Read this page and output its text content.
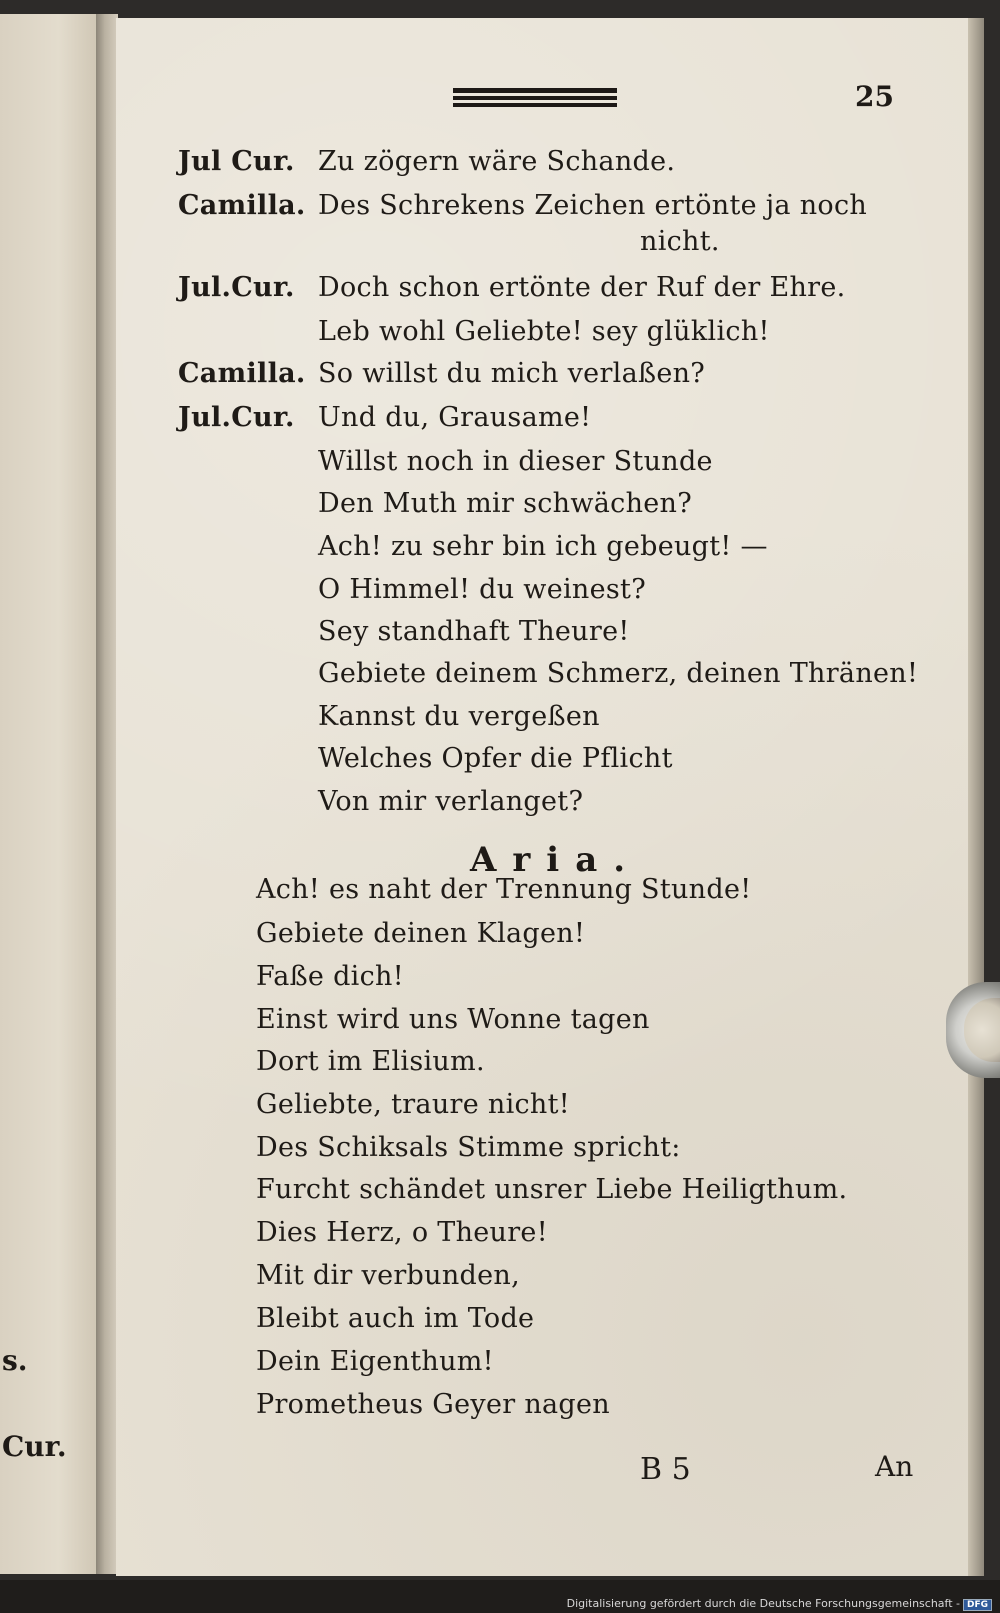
s.
Cur.
25
Jul Cur. Zu zögern wäre Schande.
Camilla. Des Schrekens Zeichen ertönte ja noch
nicht.
Jul.Cur. Doch schon ertönte der Ruf der Ehre.
Leb wohl Geliebte! sey glüklich!
Camilla. So willst du mich verlaßen?
Jul.Cur. Und du, Grausame!
Willst noch in dieser Stunde
Den Muth mir schwächen?
Ach! zu sehr bin ich gebeugt! —
O Himmel! du weinest?
Sey standhaft Theure!
Gebiete deinem Schmerz, deinen Thränen!
Kannst du vergeßen
Welches Opfer die Pflicht
Von mir verlanget?
Aria.
Ach! es naht der Trennung Stunde!
Gebiete deinen Klagen!
Faße dich!
Einst wird uns Wonne tagen
Dort im Elisium.
Geliebte, traure nicht!
Des Schiksals Stimme spricht:
Furcht schändet unsrer Liebe Heiligthum.
Dies Herz, o Theure!
Mit dir verbunden,
Bleibt auch im Tode
Dein Eigenthum!
Prometheus Geyer nagen
B 5	An
Digitalisierung gefördert durch die Deutsche Forschungsgemeinschaft - DFG
